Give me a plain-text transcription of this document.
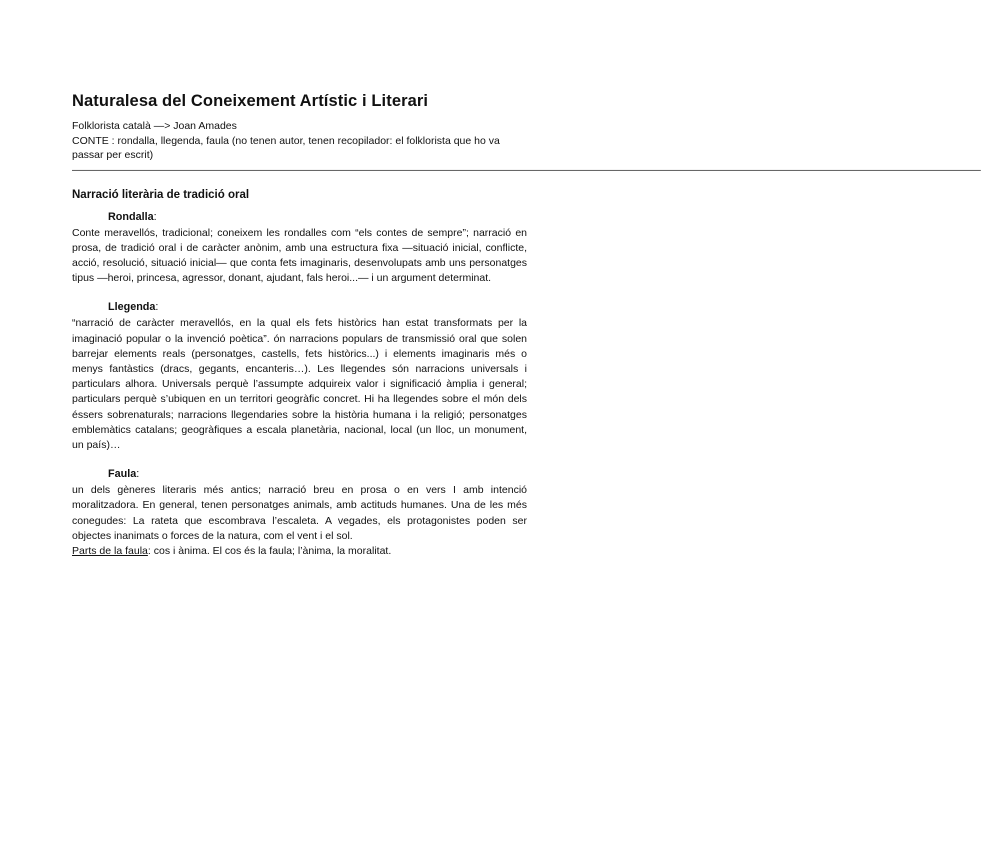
Naturalesa del Coneixement Artístic i Literari

Folklorista català —> Joan Amades

CONTE : rondalla, llegenda, faula (no tenen autor, tenen recopilador: el folklorista que ho va passar per escrit)

——————————————————————————————————————————————————————————————————————————————————————–
Narració literària de tradició oral
Rondalla:

Conte meravellós, tradicional; coneixem les rondalles com “els contes de sempre”; narració en prosa, de tradició oral i de caràcter anònim, amb una estructura fixa —situació inicial, conflicte, acció, resolució, situació inicial— que conta fets imaginaris, desenvolupats amb uns personatges tipus —heroi, princesa, agressor, donant, ajudant, fals heroi...— i un argument determinat.

Llegenda:

“narració de caràcter meravellós, en la qual els fets històrics han estat transformats per la imaginació popular o la invenció poètica”. ón narracions populars de transmissió oral que solen barrejar elements reals (personatges, castells, fets històrics...) i elements imaginaris més o menys fantàstics (dracs, gegants, encanteris…). Les llegendes són narracions universals i particulars alhora. Universals perquè l’assumpte adquireix valor i significació àmplia i general; particulars perquè s’ubiquen en un territori geogràfic concret. Hi ha llegendes sobre el món dels éssers sobrenaturals; narracions llegendaries sobre la història humana i la religió; personatges emblemàtics catalans; geogràfiques a escala planetària, nacional, local (un lloc, un monument, un país)…

Faula:

un dels gèneres literaris més antics; narració breu en prosa o en vers I amb intenció moralitzadora. En general, tenen personatges animals, amb actituds humanes. Una de les més conegudes: La rateta que escombrava l’escaleta. A vegades, els protagonistes poden ser objectes inanimats o forces de la natura, com el vent i el sol.

Parts de la faula: cos i ànima. El cos és la faula; l’ànima, la moralitat.
